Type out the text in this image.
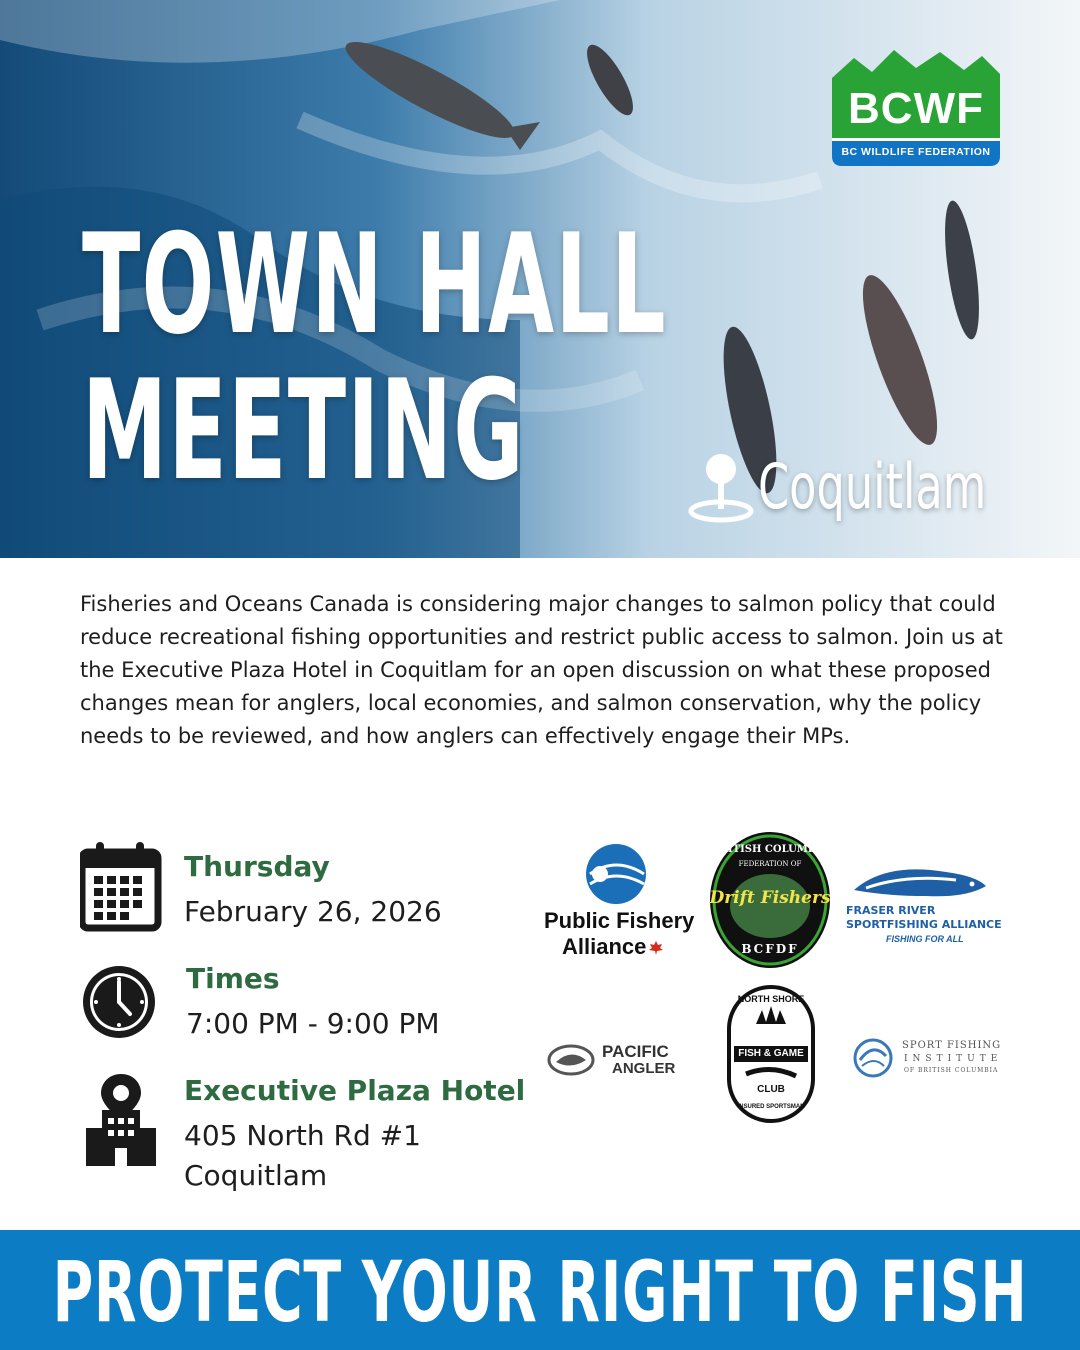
TOWN HALL
MEETING	Coquitlam
BCWF
BC WILDLIFE FEDERATION
Fisheries and Oceans Canada is considering major changes to salmon policy that could reduce recreational fishing opportunities and restrict public access to salmon. Join us at the Executive Plaza Hotel in Coquitlam for an open discussion on what these proposed changes mean for anglers, local economies, and salmon conservation, why the policy needs to be reviewed, and how anglers can effectively engage their MPs.
Thursday
February 26, 2026
Times
7:00 PM - 9:00 PM
Executive Plaza Hotel
405 North Rd #1
Coquitlam
Public Fishery
Alliance
BRITISH COLUMBIA
FEDERATION OF
Drift Fishers
BCFDF
FRASER RIVER
SPORTFISHING ALLIANCE
FISHING FOR ALL
PACIFIC
ANGLER
NORTH SHORE
FISH & GAME
CLUB
INSURED SPORTSMAN
SPORT FISHING
INSTITUTE
OF BRITISH COLUMBIA
PROTECT YOUR RIGHT TO FISH
